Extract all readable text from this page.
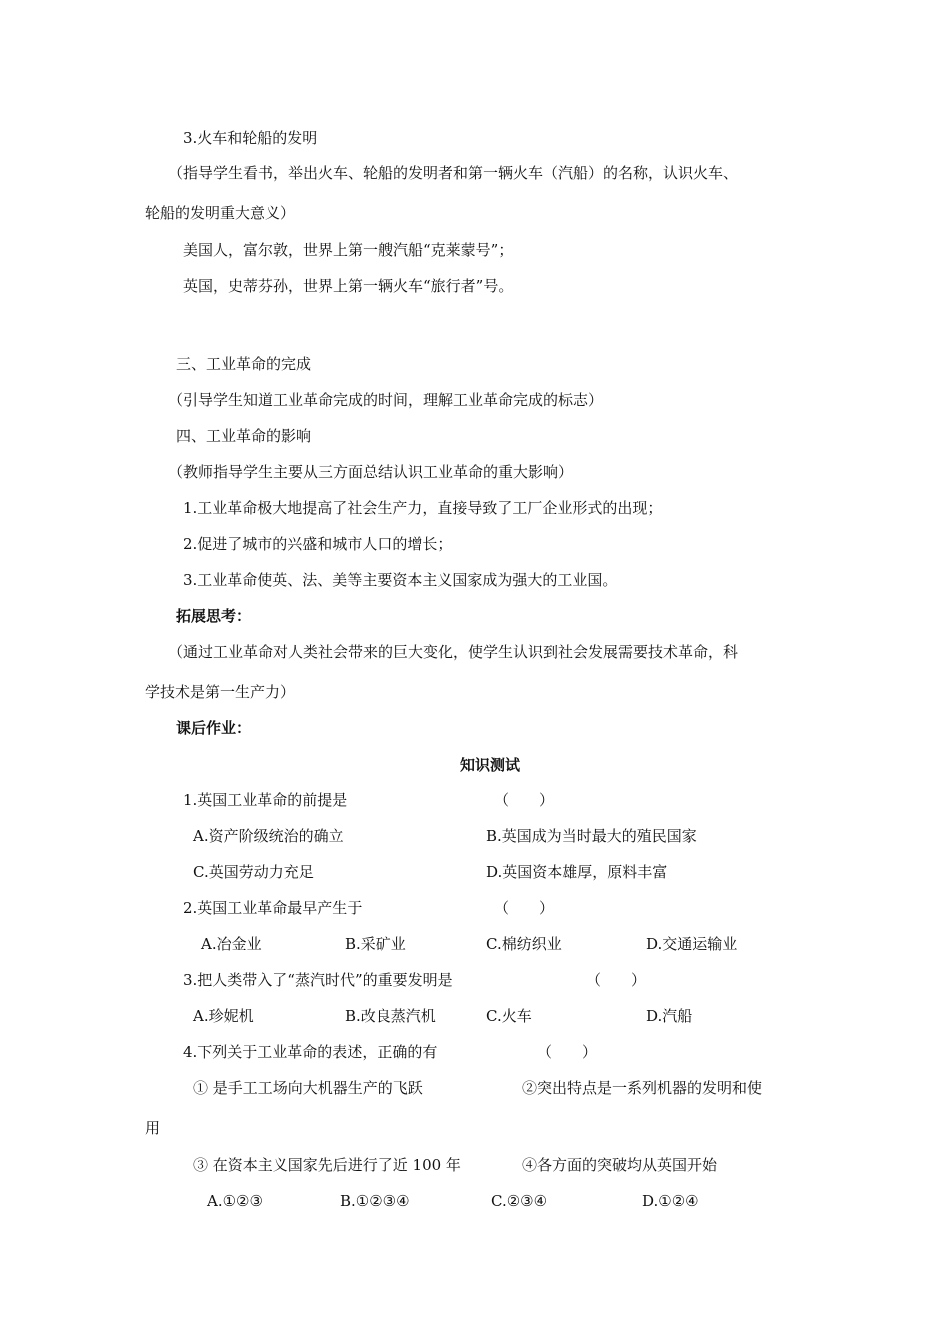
3.火车和轮船的发明
（指导学生看书，举出火车、轮船的发明者和第一辆火车（汽船）的名称，认识火车、
轮船的发明重大意义）
美国人，富尔敦，世界上第一艘汽船“克莱蒙号”；
英国，史蒂芬孙，世界上第一辆火车“旅行者”号。
三、工业革命的完成
（引导学生知道工业革命完成的时间，理解工业革命完成的标志）
四、工业革命的影响
（教师指导学生主要从三方面总结认识工业革命的重大影响）
1.工业革命极大地提高了社会生产力，直接导致了工厂企业形式的出现；
2.促进了城市的兴盛和城市人口的增长；
3.工业革命使英、法、美等主要资本主义国家成为强大的工业国。
拓展思考：
（通过工业革命对人类社会带来的巨大变化，使学生认识到社会发展需要技术革命，科
学技术是第一生产力）
课后作业：
知识测试
1.英国工业革命的前提是	（　　）
A.资产阶级统治的确立	B.英国成为当时最大的殖民国家
C.英国劳动力充足	D.英国资本雄厚，原料丰富
2.英国工业革命最早产生于	（　　）
A.冶金业	B.采矿业	C.棉纺织业	D.交通运输业
3.把人类带入了“蒸汽时代”的重要发明是	（　　）
A.珍妮机	B.改良蒸汽机	C.火车	D.汽船
4.下列关于工业革命的表述，正确的有	（　　）
① 是手工工场向大机器生产的飞跃	②突出特点是一系列机器的发明和使
用
③ 在资本主义国家先后进行了近 100 年	④各方面的突破均从英国开始
A.①②③	B.①②③④	C.②③④	D.①②④
